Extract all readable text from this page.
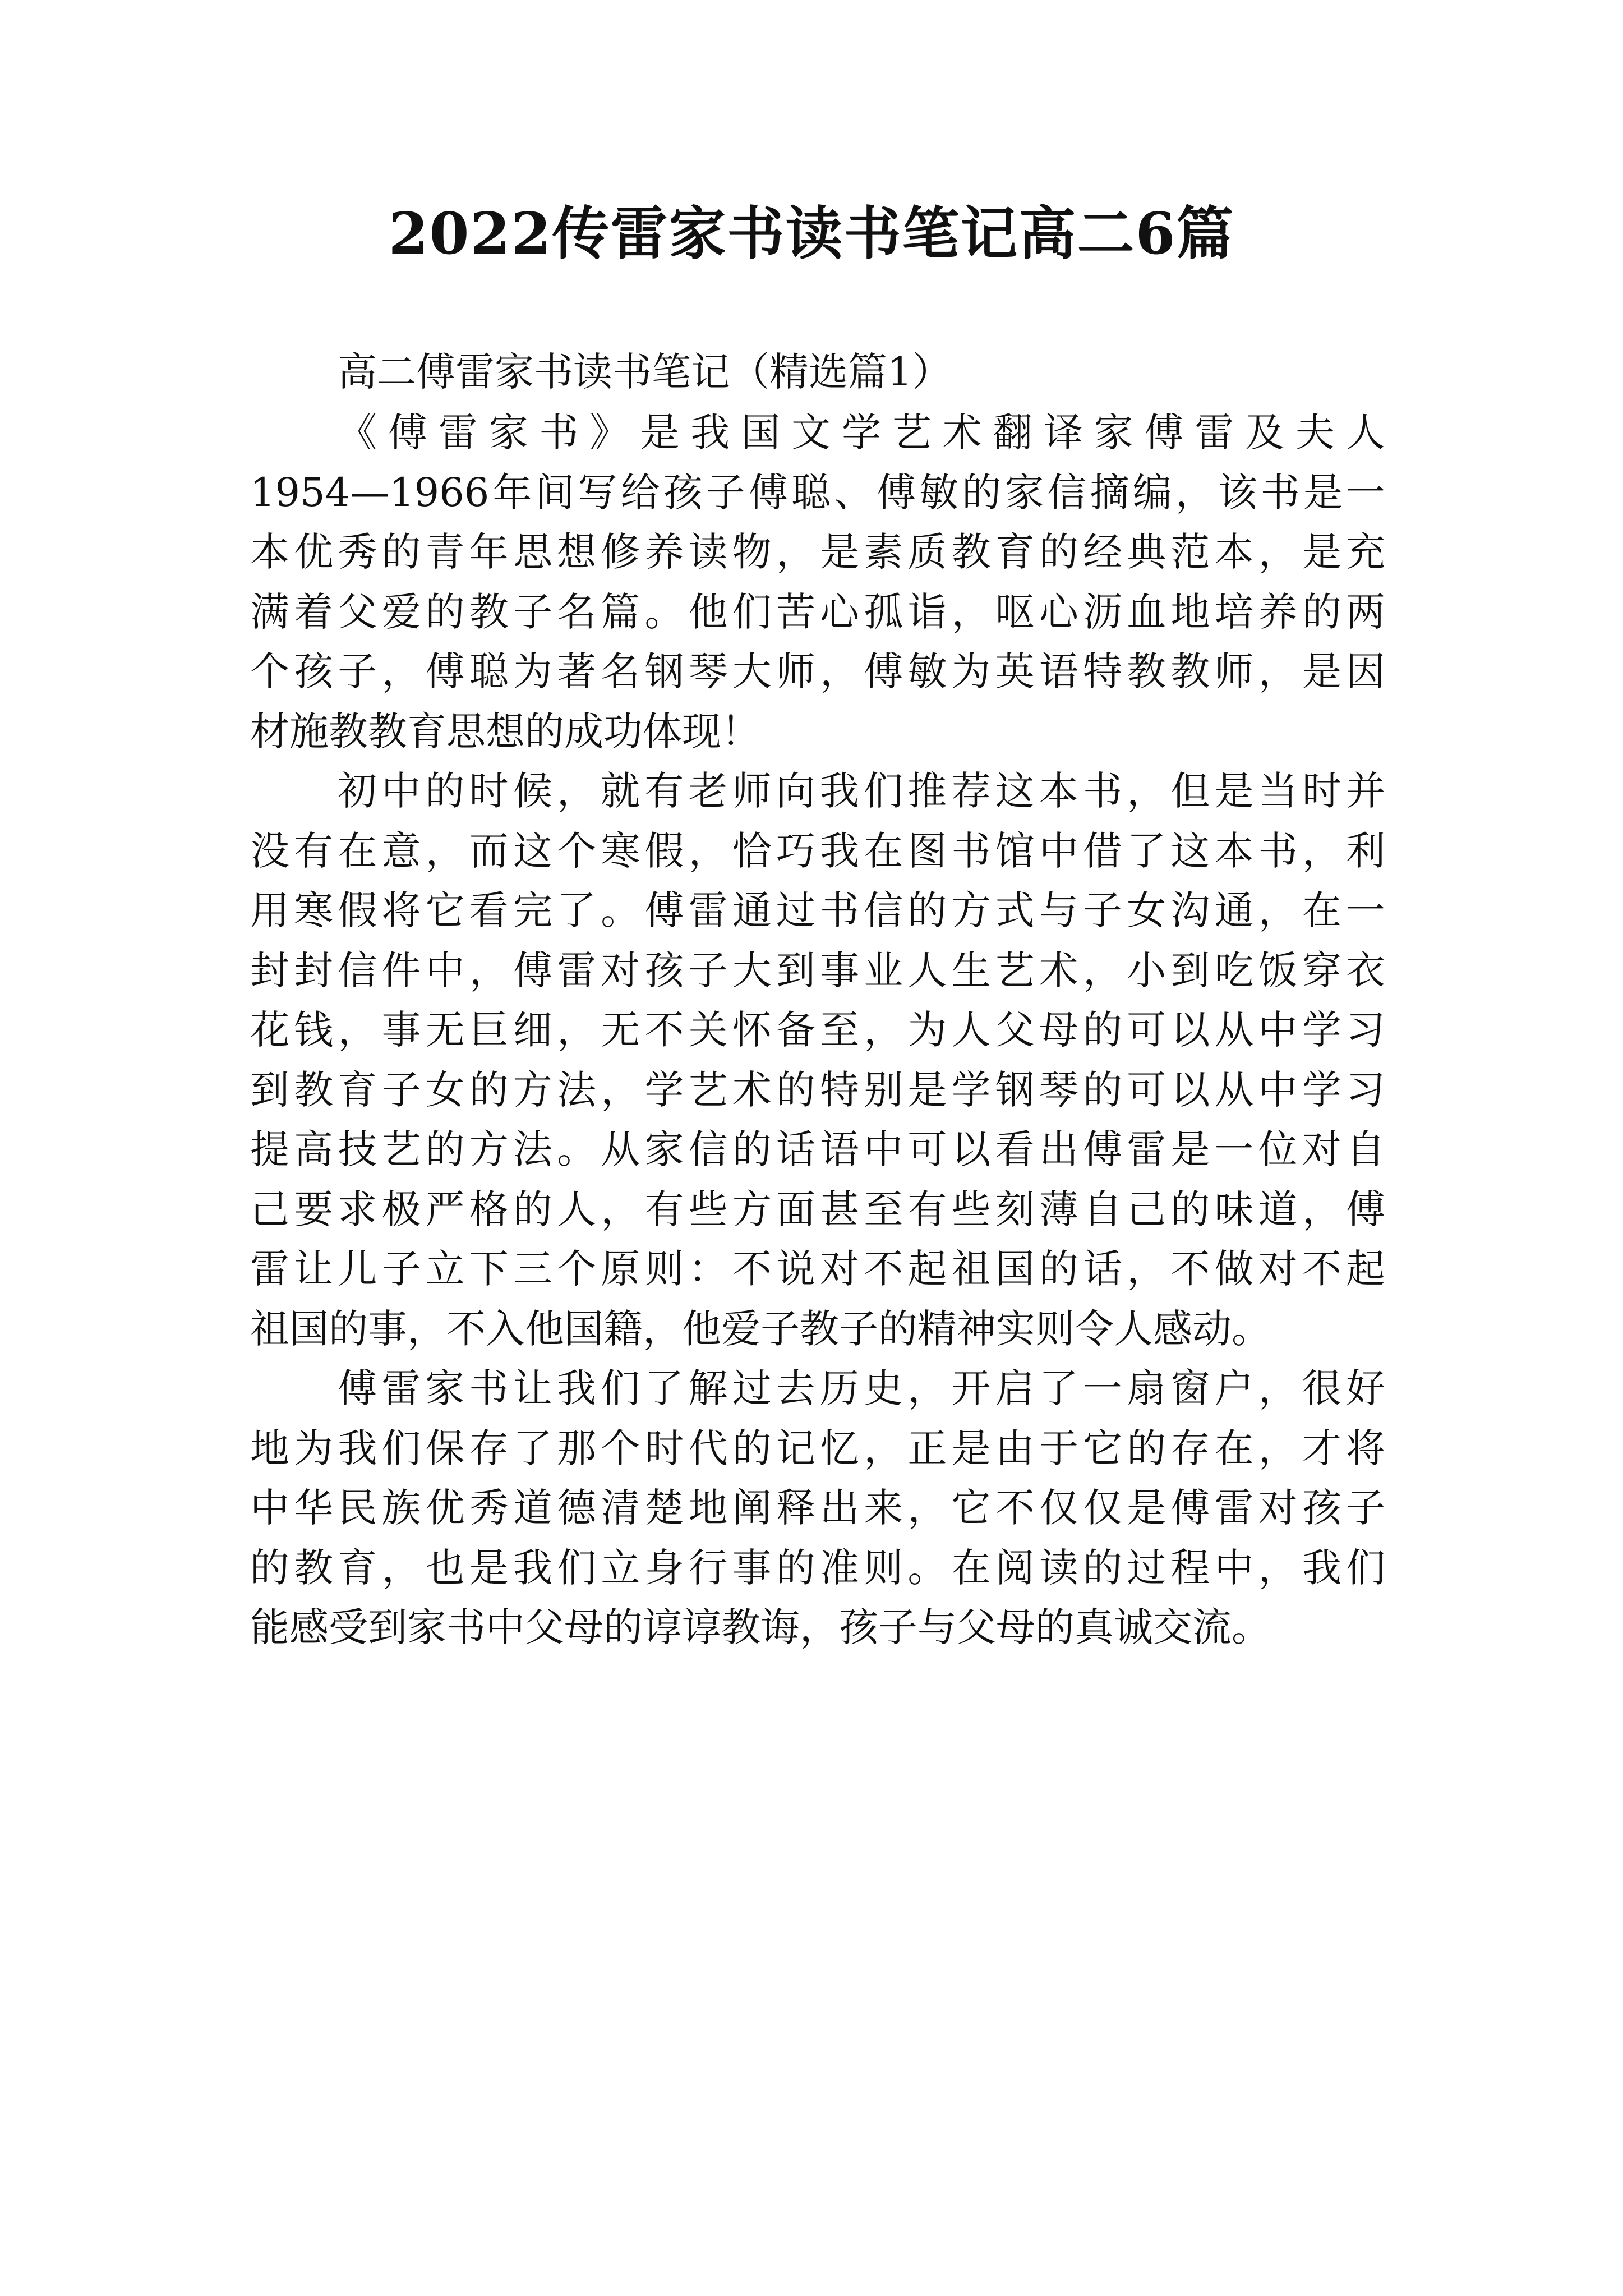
2022传雷家书读书笔记高二6篇
高二傅雷家书读书笔记（精选篇1）
《傅雷家书》是我国文学艺术翻译家傅雷及夫人
1954—1966年间写给孩子傅聪、傅敏的家信摘编，该书是一
本优秀的青年思想修养读物，是素质教育的经典范本，是充
满着父爱的教子名篇。他们苦心孤诣，呕心沥血地培养的两
个孩子，傅聪为著名钢琴大师，傅敏为英语特教教师，是因
材施教教育思想的成功体现！
初中的时候，就有老师向我们推荐这本书，但是当时并
没有在意，而这个寒假，恰巧我在图书馆中借了这本书，利
用寒假将它看完了。傅雷通过书信的方式与子女沟通，在一
封封信件中，傅雷对孩子大到事业人生艺术，小到吃饭穿衣
花钱，事无巨细，无不关怀备至，为人父母的可以从中学习
到教育子女的方法，学艺术的特别是学钢琴的可以从中学习
提高技艺的方法。从家信的话语中可以看出傅雷是一位对自
己要求极严格的人，有些方面甚至有些刻薄自己的味道，傅
雷让儿子立下三个原则：不说对不起祖国的话，不做对不起
祖国的事，不入他国籍，他爱子教子的精神实则令人感动。
傅雷家书让我们了解过去历史，开启了一扇窗户，很好
地为我们保存了那个时代的记忆，正是由于它的存在，才将
中华民族优秀道德清楚地阐释出来，它不仅仅是傅雷对孩子
的教育，也是我们立身行事的准则。在阅读的过程中，我们
能感受到家书中父母的谆谆教诲，孩子与父母的真诚交流。
